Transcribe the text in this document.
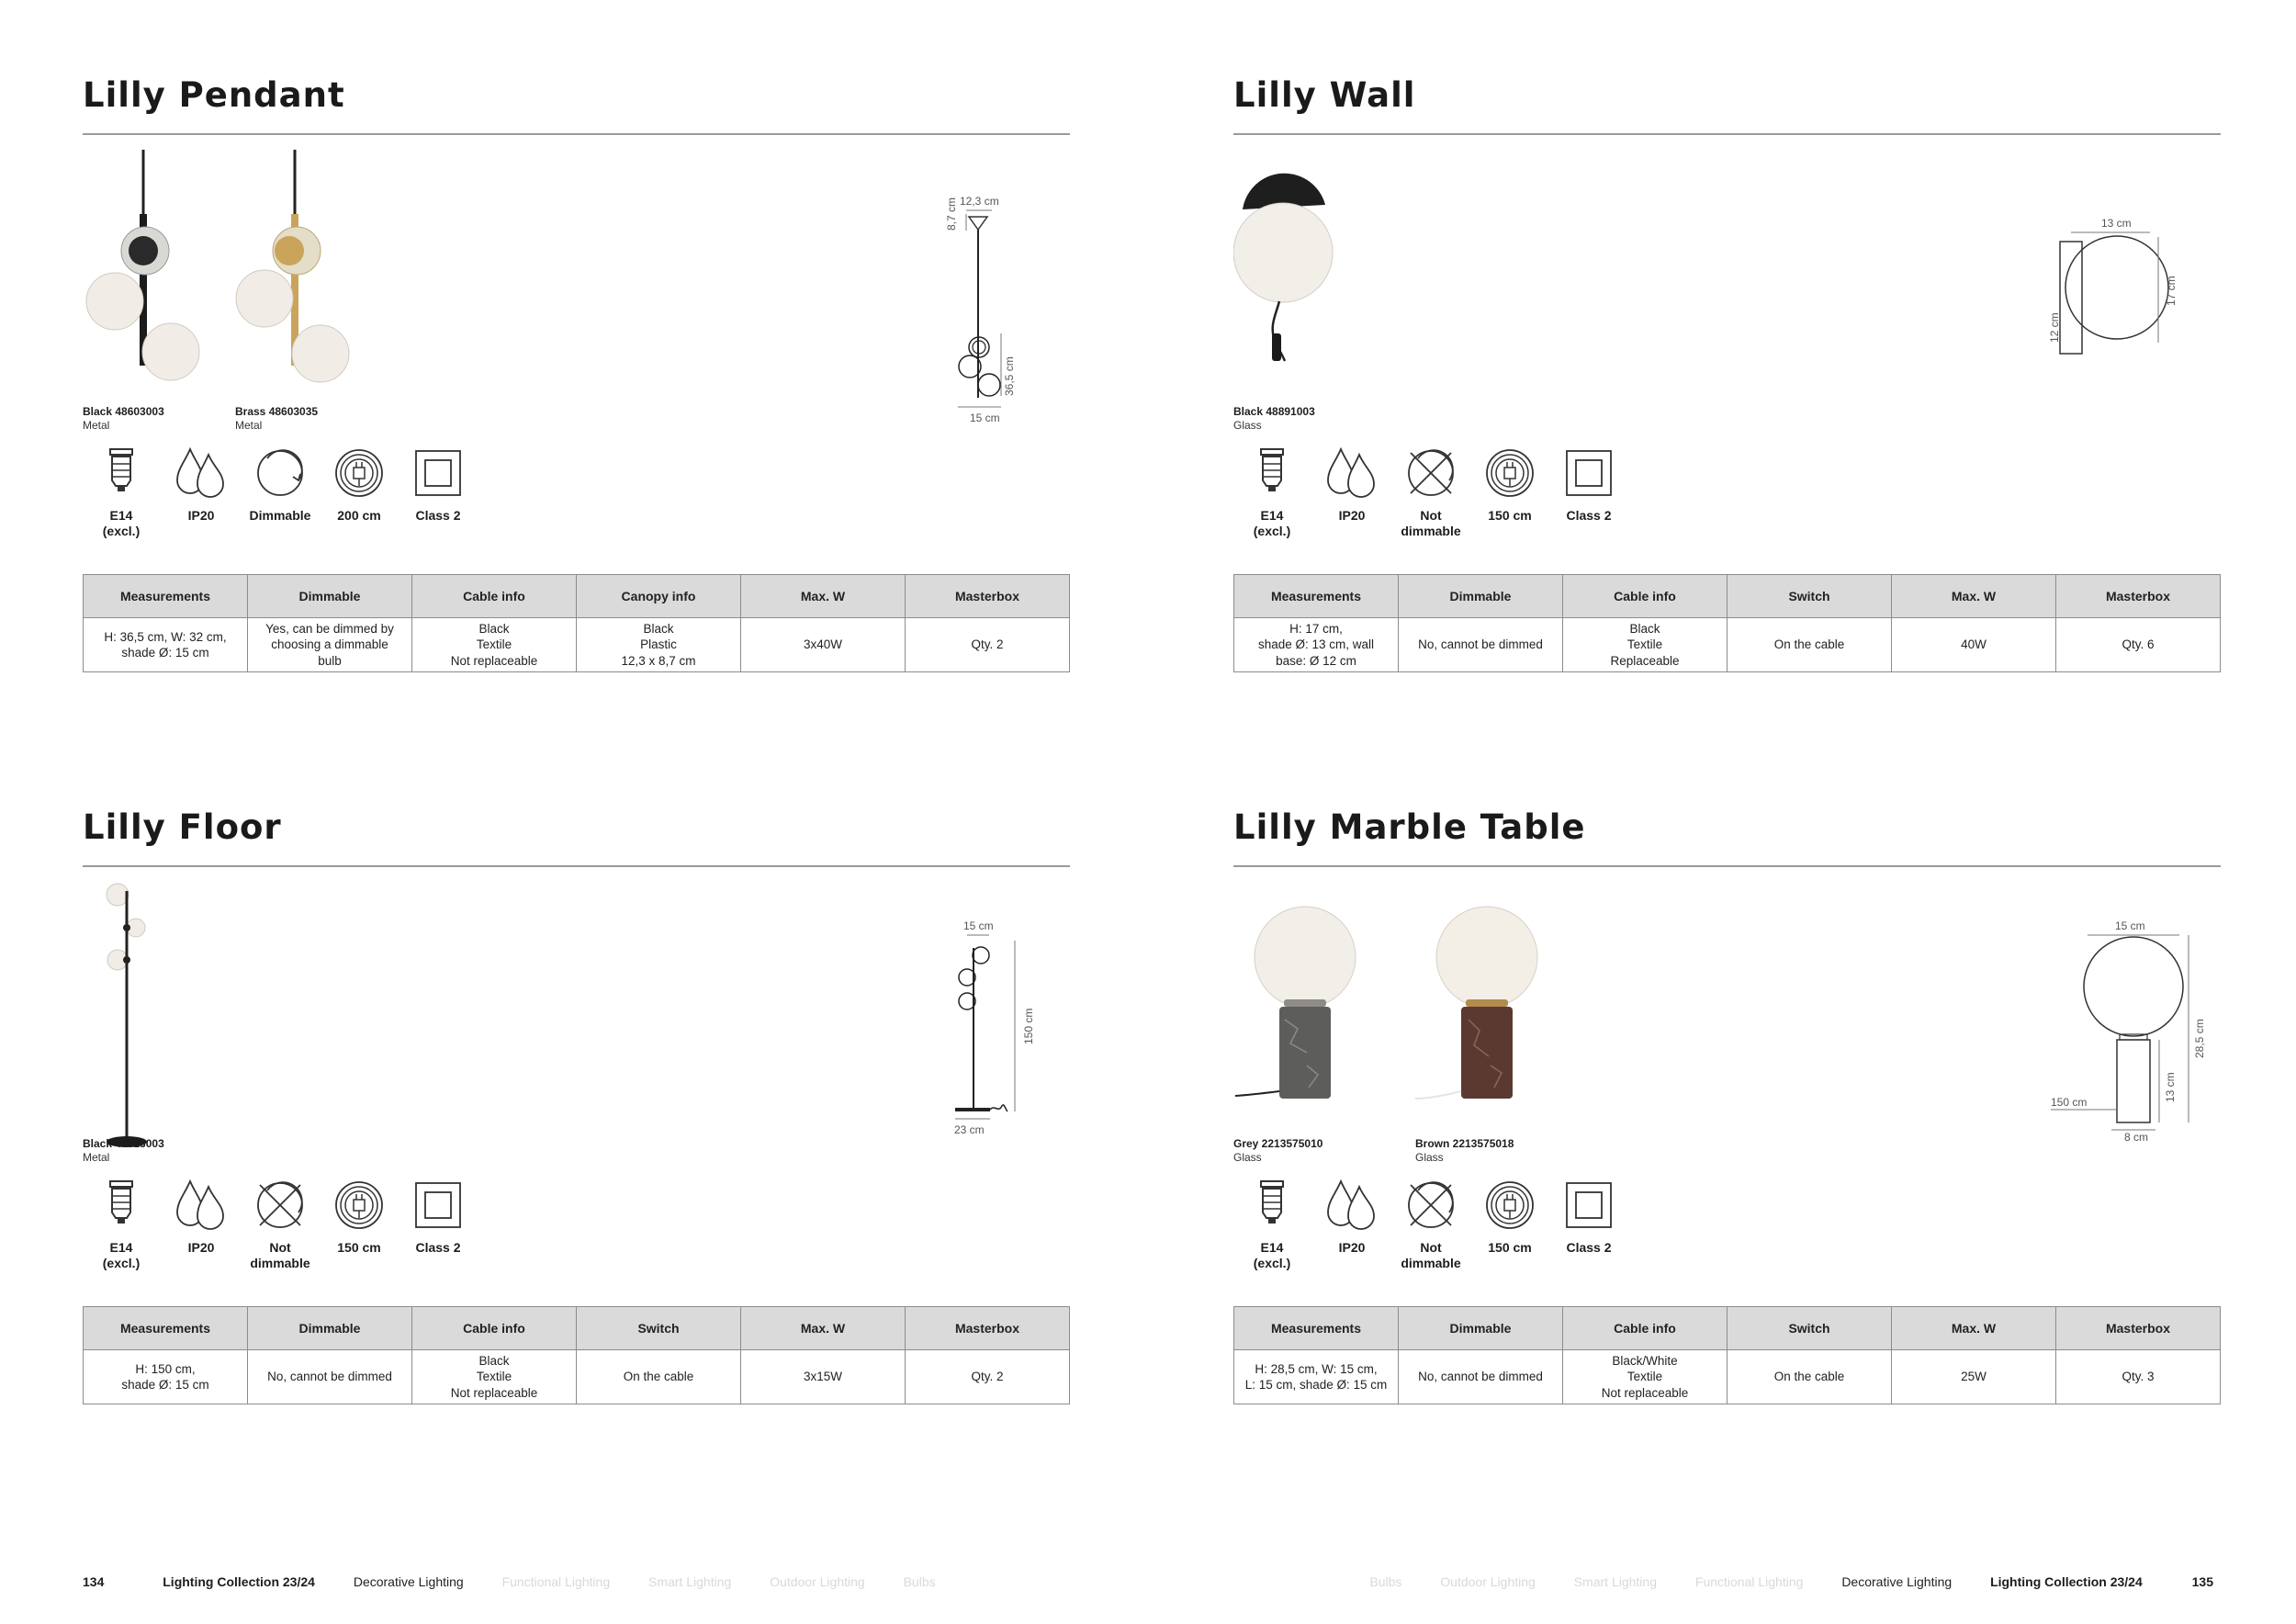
Lilly Pendant
Black 48603003
Metal
Brass 48603035
Metal
12,3 cm
8,7 cm
36,5 cm
15 cm
E14
(excl.)
IP20	Dimmable	200 cm	Class 2
Measurements	Dimmable	Cable info	Canopy info	Max. W	Masterbox
H: 36,5 cm, W: 32 cm,
shade Ø: 15 cm	Yes, can be dimmed by
choosing a dimmable
bulb	Black
Textile
Not replaceable	Black
Plastic
12,3 x 8,7 cm	3x40W	Qty. 2
Lilly Wall
Black 48891003
Glass
13 cm
12 cm
17 cm
E14
(excl.)
IP20	Not
dimmable
150 cm	Class 2
Measurements	Dimmable	Cable info	Switch	Max. W	Masterbox
H: 17 cm,
shade Ø: 13 cm, wall
base: Ø 12 cm	No, cannot be dimmed	Black
Textile
Replaceable	On the cable	40W	Qty. 6
Lilly Floor
Black 48613003
Metal
15 cm
150 cm
23 cm
E14
(excl.)
IP20	Not
dimmable
150 cm	Class 2
Measurements	Dimmable	Cable info	Switch	Max. W	Masterbox
H: 150 cm,
shade Ø: 15 cm	No, cannot be dimmed	Black
Textile
Not replaceable	On the cable	3x15W	Qty. 2
Lilly Marble Table
Grey 2213575010
Glass
Brown 2213575018
Glass
15 cm
28,5 cm
13 cm
150 cm
8 cm
E14
(excl.)
IP20	Not
dimmable
150 cm	Class 2
Measurements	Dimmable	Cable info	Switch	Max. W	Masterbox
H: 28,5 cm, W: 15 cm,
L: 15 cm, shade Ø: 15 cm	No, cannot be dimmed	Black/White
Textile
Not replaceable	On the cable	25W	Qty. 3
134	Lighting Collection 23/24	Decorative Lighting	Functional Lighting	Smart Lighting	Outdoor Lighting	Bulbs	Bulbs	Outdoor Lighting	Smart Lighting	Functional Lighting	Decorative Lighting	Lighting Collection 23/24	135
